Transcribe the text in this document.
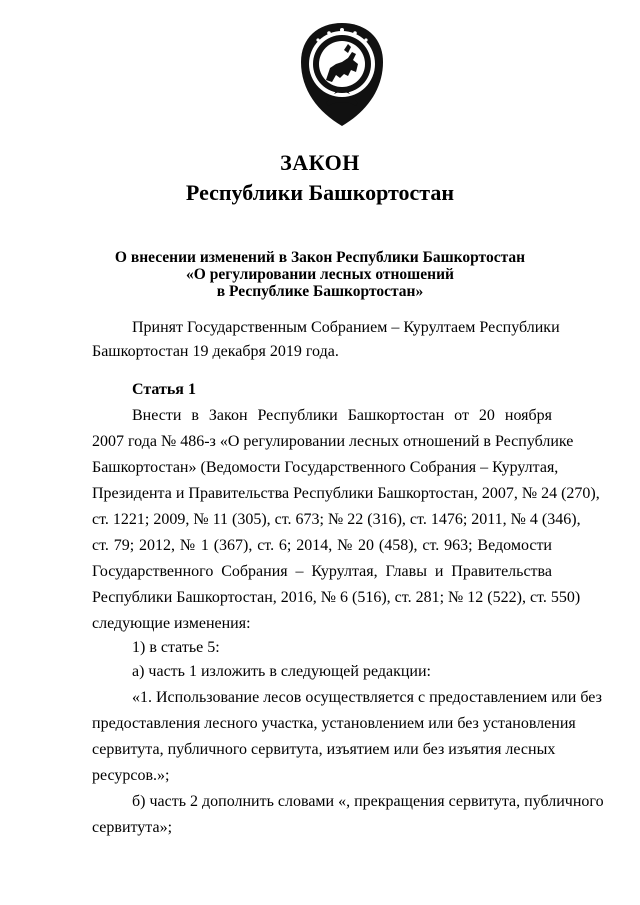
ЗАКОН
Республики Башкортостан
О внесении изменений в Закон Республики Башкортостан
«О регулировании лесных отношений
в Республике Башкортостан»
Принят Государственным Собранием – Курултаем Республики
Башкортостан 19 декабря 2019 года.
Статья 1
Внести в Закон Республики Башкортостан от 20 ноября
2007 года № 486-з «О регулировании лесных отношений в Республике
Башкортостан» (Ведомости Государственного Собрания – Курултая,
Президента и Правительства Республики Башкортостан, 2007, № 24 (270),
ст. 1221; 2009, № 11 (305), ст. 673; № 22 (316), ст. 1476; 2011, № 4 (346),
ст. 79; 2012, № 1 (367), ст. 6; 2014, № 20 (458), ст. 963; Ведомости
Государственного Собрания – Курултая, Главы и Правительства
Республики Башкортостан, 2016, № 6 (516), ст. 281; № 12 (522), ст. 550)
следующие изменения:
1) в статье 5:
а) часть 1 изложить в следующей редакции:
«1. Использование лесов осуществляется с предоставлением или без
предоставления лесного участка, установлением или без установления
сервитута, публичного сервитута, изъятием или без изъятия лесных
ресурсов.»;
б) часть 2 дополнить словами «, прекращения сервитута, публичного
сервитута»;
